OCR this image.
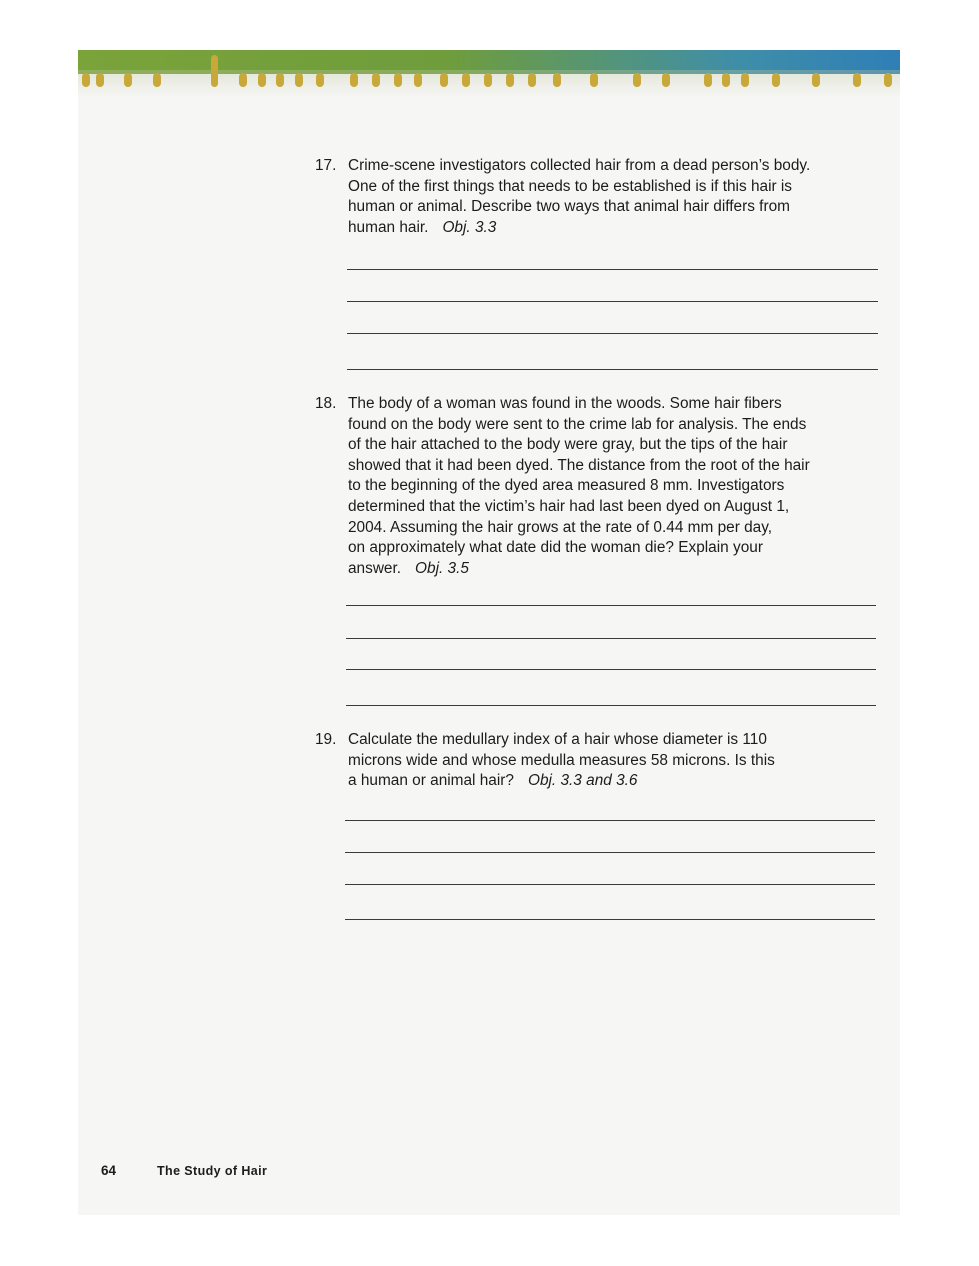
17. Crime-scene investigators collected hair from a dead person’s body.
One of the first things that needs to be established is if this hair is
human or animal. Describe two ways that animal hair differs from
human hair. Obj. 3.3
18. The body of a woman was found in the woods. Some hair fibers
found on the body were sent to the crime lab for analysis. The ends
of the hair attached to the body were gray, but the tips of the hair
showed that it had been dyed. The distance from the root of the hair
to the beginning of the dyed area measured 8 mm. Investigators
determined that the victim’s hair had last been dyed on August 1,
2004. Assuming the hair grows at the rate of 0.44 mm per day,
on approximately what date did the woman die? Explain your
answer. Obj. 3.5
19. Calculate the medullary index of a hair whose diameter is 110
microns wide and whose medulla measures 58 microns. Is this
a human or animal hair? Obj. 3.3 and 3.6
64	The Study of Hair
